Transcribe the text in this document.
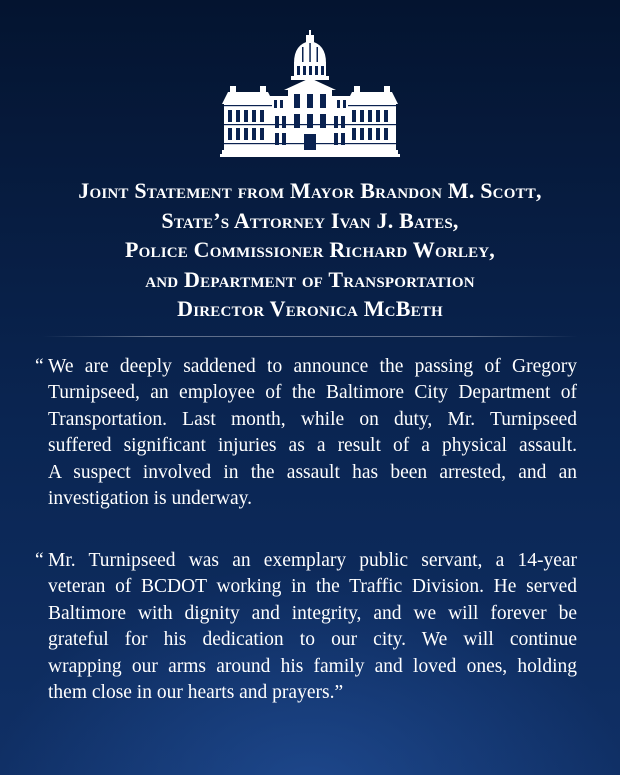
Joint Statement from Mayor Brandon M. Scott,
State’s Attorney Ivan J. Bates,
Police Commissioner Richard Worley,
and Department of Transportation
Director Veronica McBeth

“ We are deeply saddened to announce the passing of Gregory
Turnipseed, an employee of the Baltimore City Department of
Transportation. Last month, while on duty, Mr. Turnipseed
suffered significant injuries as a result of a physical assault.
A suspect involved in the assault has been arrested, and an
investigation is underway.

“ Mr. Turnipseed was an exemplary public servant, a 14-year
veteran of BCDOT working in the Traffic Division. He served
Baltimore with dignity and integrity, and we will forever be
grateful for his dedication to our city. We will continue
wrapping our arms around his family and loved ones, holding
them close in our hearts and prayers.”
